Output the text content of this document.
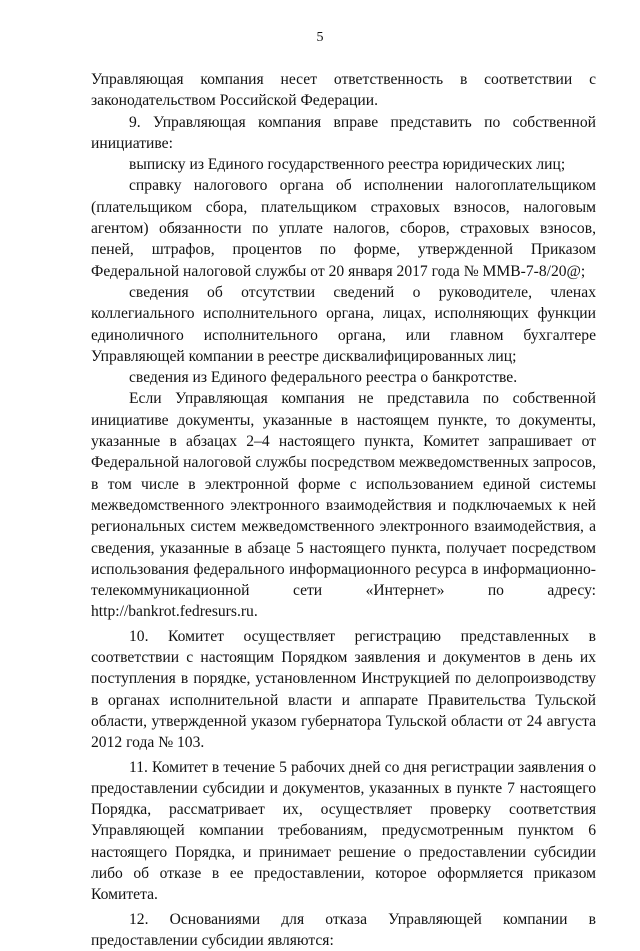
5

Управляющая компания несет ответственность в соответствии с законодательством Российской Федерации.

9. Управляющая компания вправе представить по собственной инициативе:

выписку из Единого государственного реестра юридических лиц;

справку налогового органа об исполнении налогоплательщиком (плательщиком сбора, плательщиком страховых взносов, налоговым агентом) обязанности по уплате налогов, сборов, страховых взносов, пеней, штрафов, процентов по форме, утвержденной Приказом Федеральной налоговой службы от 20 января 2017 года № ММВ-7-8/20@;

сведения об отсутствии сведений о руководителе, членах коллегиального исполнительного органа, лицах, исполняющих функции единоличного исполнительного органа, или главном бухгалтере Управляющей компании в реестре дисквалифицированных лиц;

сведения из Единого федерального реестра о банкротстве.

Если Управляющая компания не представила по собственной инициативе документы, указанные в настоящем пункте, то документы, указанные в абзацах 2–4 настоящего пункта, Комитет запрашивает от Федеральной налоговой службы посредством межведомственных запросов, в том числе в электронной форме с использованием единой системы межведомственного электронного взаимодействия и подключаемых к ней региональных систем межведомственного электронного взаимодействия, а сведения, указанные в абзаце 5 настоящего пункта, получает посредством использования федерального информационного ресурса в информационно-телекоммуникационной сети «Интернет» по адресу: http://bankrot.fedresurs.ru.

10. Комитет осуществляет регистрацию представленных в соответствии с настоящим Порядком заявления и документов в день их поступления в порядке, установленном Инструкцией по делопроизводству в органах исполнительной власти и аппарате Правительства Тульской области, утвержденной указом губернатора Тульской области от 24 августа 2012 года № 103.

11. Комитет в течение 5 рабочих дней со дня регистрации заявления о предоставлении субсидии и документов, указанных в пункте 7 настоящего Порядка, рассматривает их, осуществляет проверку соответствия Управляющей компании требованиям, предусмотренным пунктом 6 настоящего Порядка, и принимает решение о предоставлении субсидии либо об отказе в ее предоставлении, которое оформляется приказом Комитета.

12. Основаниями для отказа Управляющей компании в предоставлении субсидии являются:
